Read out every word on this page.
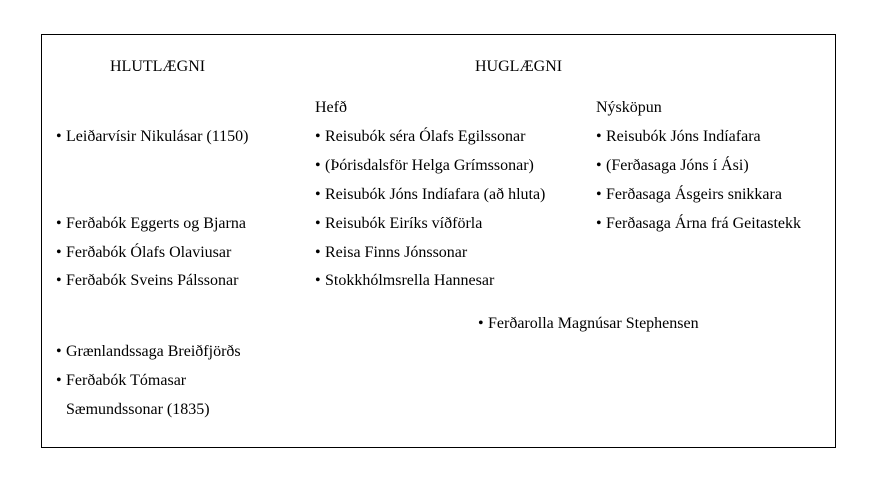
HLUTLÆGNI	HUGLÆGNI
Hefð	Nýsköpun
• Leiðarvísir Nikulásar (1150)
• Ferðabók Eggerts og Bjarna
• Ferðabók Ólafs Olaviusar
• Ferðabók Sveins Pálssonar
• Grænlandssaga Breiðfjörðs
• Ferðabók Tómasar
Sæmundssonar (1835)
• Reisubók séra Ólafs Egilssonar
• (Þórisdalsför Helga Grímssonar)
• Reisubók Jóns Indíafara (að hluta)
• Reisubók Eiríks víðförla
• Reisa Finns Jónssonar
• Stokkhólmsrella Hannesar
• Reisubók Jóns Indíafara
• (Ferðasaga Jóns í Ási)
• Ferðasaga Ásgeirs snikkara
• Ferðasaga Árna frá Geitastekk
• Ferðarolla Magnúsar Stephensen
